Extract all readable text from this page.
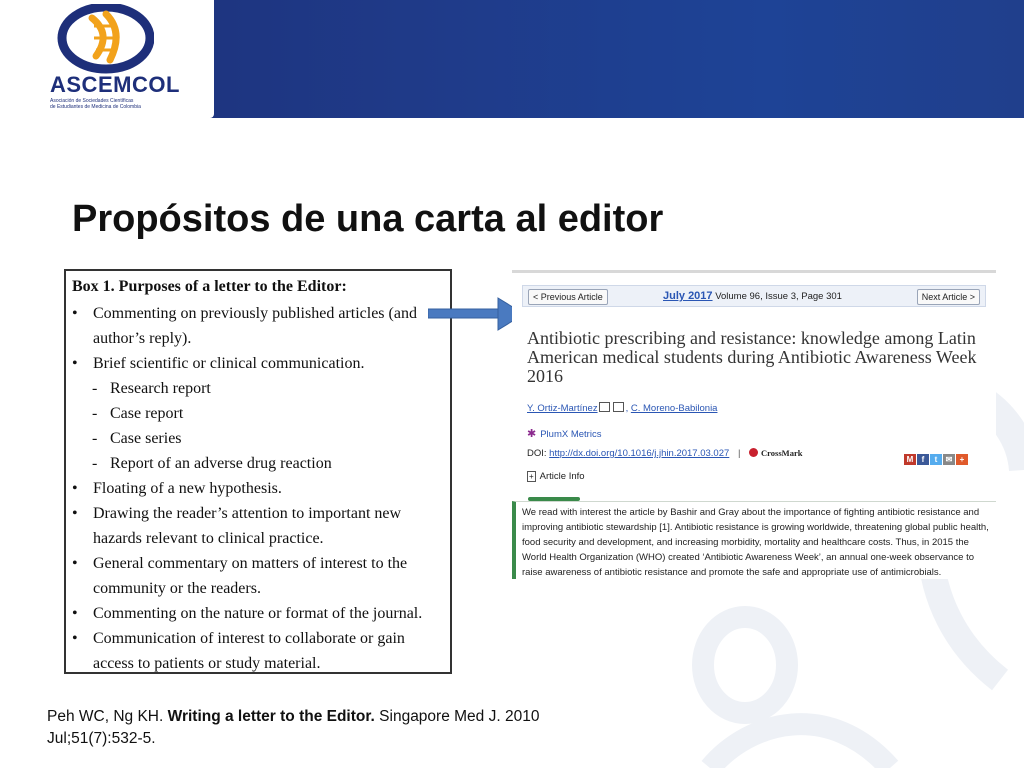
ASCEMCOL
Asociación de Sociedades Científicas
de Estudiantes de Medicina de Colombia
Propósitos de una carta al editor
Box 1. Purposes of a letter to the Editor:
• Commenting on previously published articles (and
author’s reply).
• Brief scientific or clinical communication.
- Research report
- Case report
- Case series
- Report of an adverse drug reaction
• Floating of a new hypothesis.
• Drawing the reader’s attention to important new
hazards relevant to clinical practice.
• General commentary on matters of interest to the
community or the readers.
• Commenting on the nature or format of the journal.
• Communication of interest to collaborate or gain
access to patients or study material.
< Previous Article	July 2017 Volume 96, Issue 3, Page 301	Next Article >
Antibiotic prescribing and resistance: knowledge among Latin American medical students during Antibiotic Awareness Week 2016
Y. Ortiz-Martínez	, C. Moreno-Babilonia
✱ PlumX Metrics
DOI: http://dx.doi.org/10.1016/j.jhin.2017.03.027 | CrossMark
M f t ✉ +
+ Article Info
We read with interest the article by Bashir and Gray about the importance of fighting antibiotic resistance and improving antibiotic stewardship [1]. Antibiotic resistance is growing worldwide, threatening global public health, food security and development, and increasing morbidity, mortality and healthcare costs. Thus, in 2015 the World Health Organization (WHO) created ‘Antibiotic Awareness Week’, an annual one-week observance to raise awareness of antibiotic resistance and promote the safe and appropriate use of antimicrobials.
Peh WC, Ng KH. Writing a letter to the Editor. Singapore Med J. 2010 Jul;51(7):532-5.
